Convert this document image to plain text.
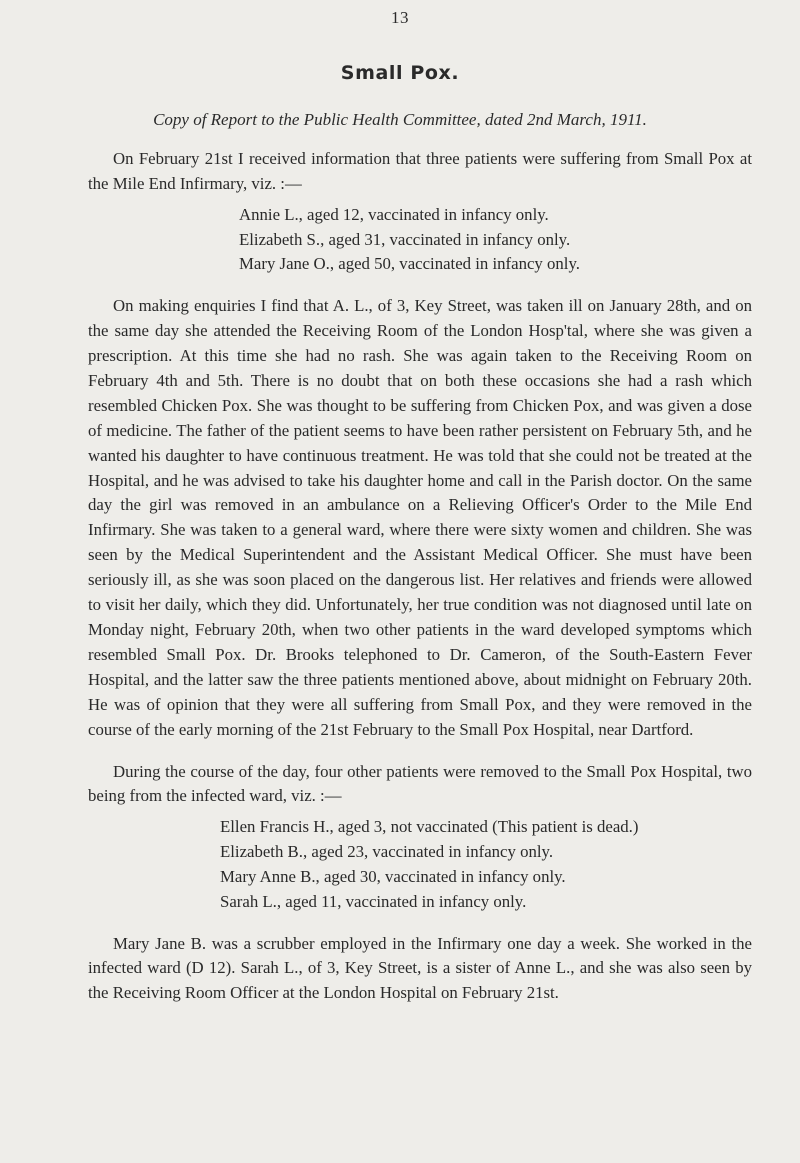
13
Small Pox.
Copy of Report to the Public Health Committee, dated 2nd March, 1911.

On February 21st I received information that three patients were suffering from Small Pox at the Mile End Infirmary, viz. :—

Annie L., aged 12, vaccinated in infancy only.
Elizabeth S., aged 31, vaccinated in infancy only.
Mary Jane O., aged 50, vaccinated in infancy only.

On making enquiries I find that A. L., of 3, Key Street, was taken ill on January 28th, and on the same day she attended the Receiving Room of the London Hosp'tal, where she was given a prescription. At this time she had no rash. She was again taken to the Receiving Room on February 4th and 5th. There is no doubt that on both these occasions she had a rash which resembled Chicken Pox. She was thought to be suffering from Chicken Pox, and was given a dose of medicine. The father of the patient seems to have been rather persistent on February 5th, and he wanted his daughter to have continuous treatment. He was told that she could not be treated at the Hospital, and he was advised to take his daughter home and call in the Parish doctor. On the same day the girl was removed in an ambulance on a Relieving Officer's Order to the Mile End Infirmary. She was taken to a general ward, where there were sixty women and children. She was seen by the Medical Superintendent and the Assistant Medical Officer. She must have been seriously ill, as she was soon placed on the dangerous list. Her relatives and friends were allowed to visit her daily, which they did. Unfortunately, her true condition was not diagnosed until late on Monday night, February 20th, when two other patients in the ward developed symptoms which resembled Small Pox. Dr. Brooks telephoned to Dr. Cameron, of the South-Eastern Fever Hospital, and the latter saw the three patients mentioned above, about midnight on February 20th. He was of opinion that they were all suffering from Small Pox, and they were removed in the course of the early morning of the 21st February to the Small Pox Hospital, near Dartford.

During the course of the day, four other patients were removed to the Small Pox Hospital, two being from the infected ward, viz. :—

Ellen Francis H., aged 3, not vaccinated (This patient is dead.)
Elizabeth B., aged 23, vaccinated in infancy only.
Mary Anne B., aged 30, vaccinated in infancy only.
Sarah L., aged 11, vaccinated in infancy only.

Mary Jane B. was a scrubber employed in the Infirmary one day a week. She worked in the infected ward (D 12). Sarah L., of 3, Key Street, is a sister of Anne L., and she was also seen by the Receiving Room Officer at the London Hospital on February 21st.
